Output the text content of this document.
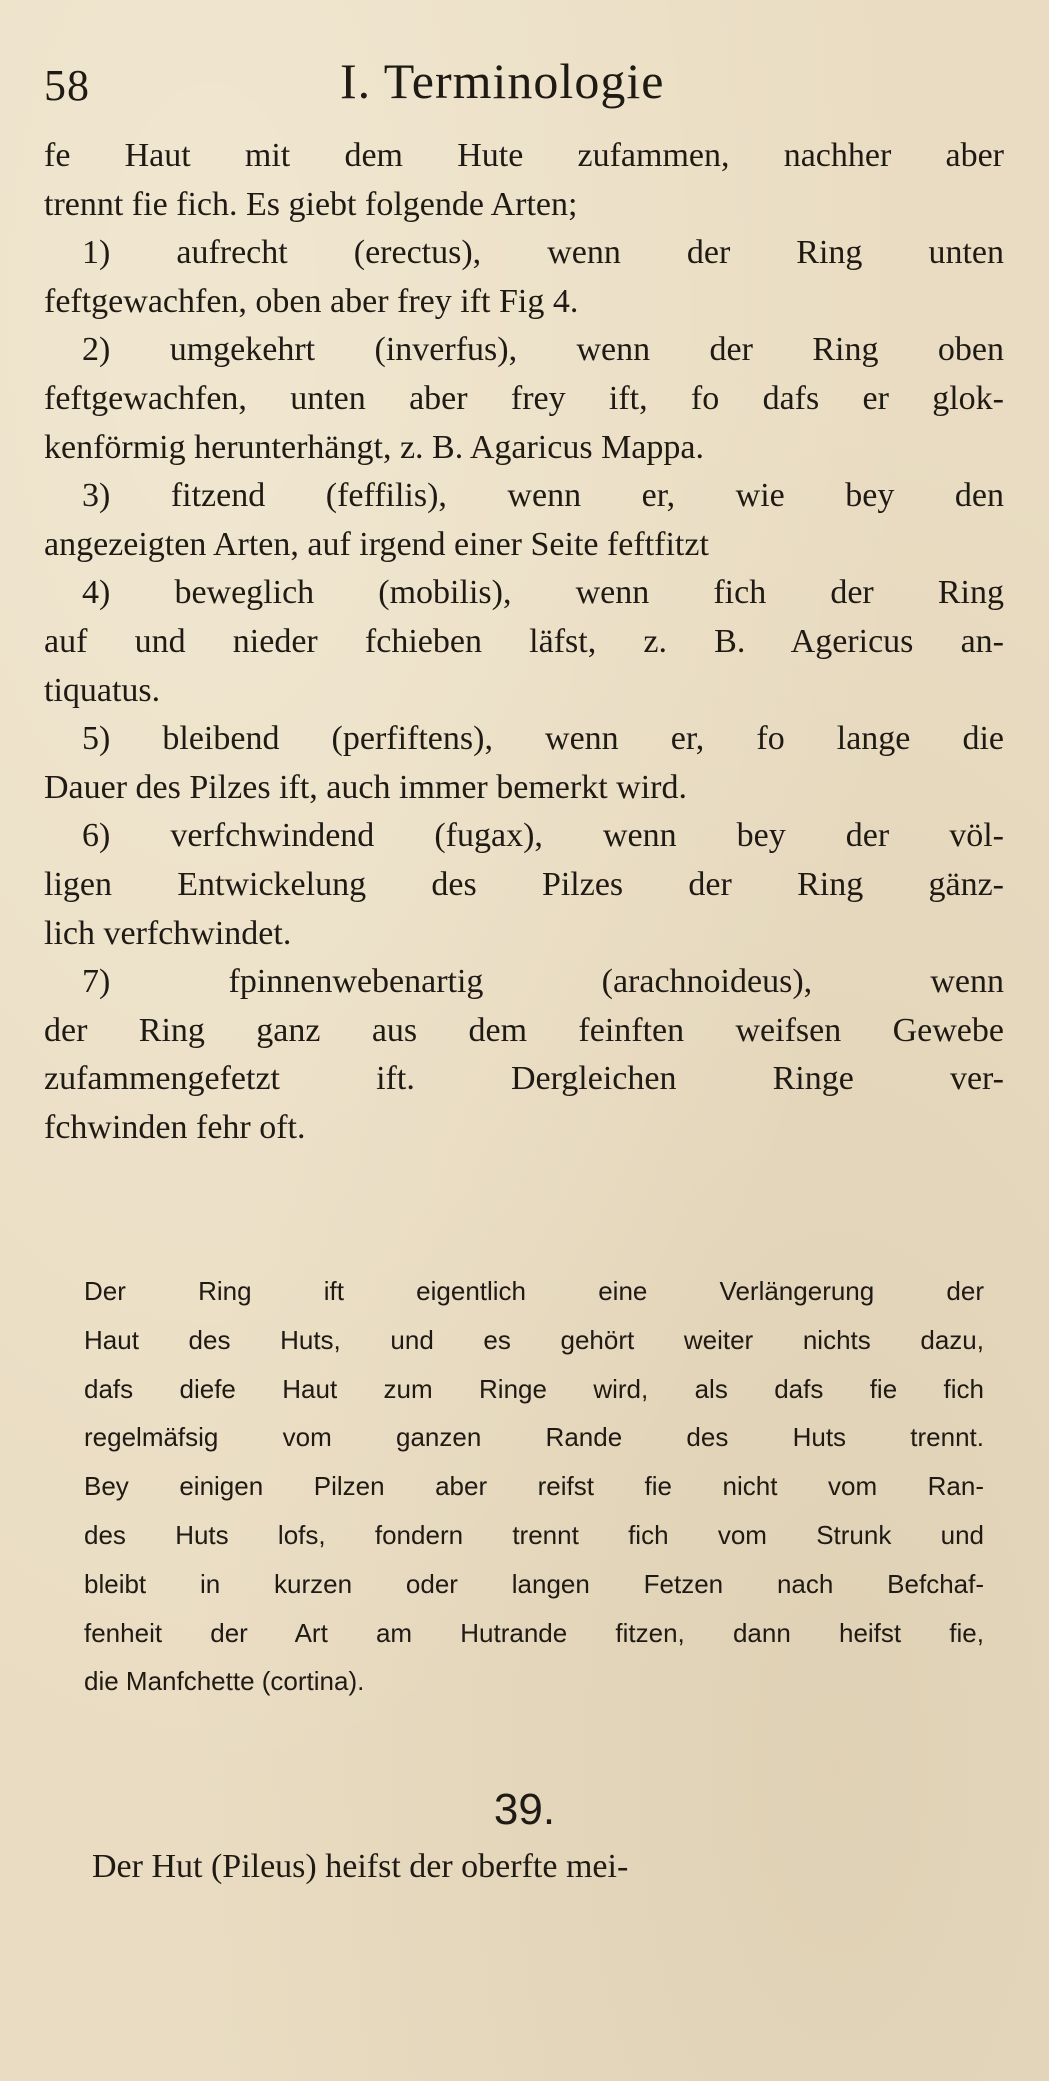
58	I. Terminologie
fe Haut mit dem Hute zufammen, nachher aber
trennt fie fich. Es giebt folgende Arten;
1) aufrecht (erectus), wenn der Ring unten
feftgewachfen, oben aber frey ift Fig 4.
2) umgekehrt (inverfus), wenn der Ring oben
feftgewachfen, unten aber frey ift, fo dafs er glok-
kenförmig herunterhängt, z. B. Agaricus Mappa.
3) fitzend (feffilis), wenn er, wie bey den
angezeigten Arten, auf irgend einer Seite feftfitzt
4) beweglich (mobilis), wenn fich der Ring
auf und nieder fchieben läfst, z. B. Agericus an-
tiquatus.
5) bleibend (perfiftens), wenn er, fo lange die
Dauer des Pilzes ift, auch immer bemerkt wird.
6) verfchwindend (fugax), wenn bey der völ-
ligen Entwickelung des Pilzes der Ring gänz-
lich verfchwindet.
7) fpinnenwebenartig (arachnoideus), wenn
der Ring ganz aus dem feinften weifsen Gewebe
zufammengefetzt ift. Dergleichen Ringe ver-
fchwinden fehr oft.
Der Ring ift eigentlich eine Verlängerung der
Haut des Huts, und es gehört weiter nichts dazu,
dafs diefe Haut zum Ringe wird, als dafs fie fich
regelmäfsig vom ganzen Rande des Huts trennt.
Bey einigen Pilzen aber reifst fie nicht vom Ran-
des Huts lofs, fondern trennt fich vom Strunk und
bleibt in kurzen oder langen Fetzen nach Befchaf-
fenheit der Art am Hutrande fitzen, dann heifst fie,
die Manfchette (cortina).
39.
Der Hut (Pileus) heifst der oberfte mei-
